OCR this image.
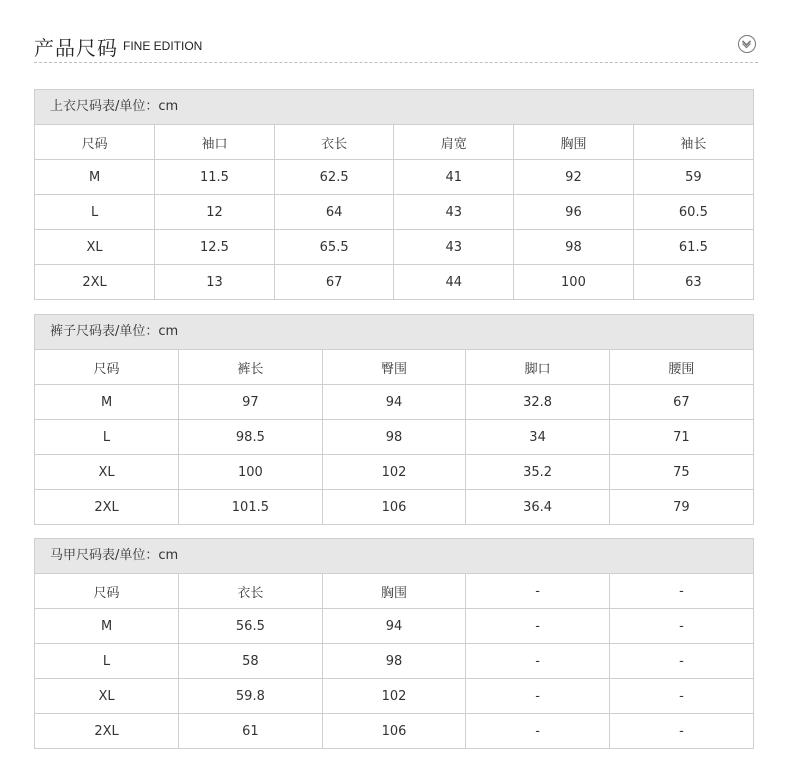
产品尺码 FINE EDITION
上衣尺码表/单位：cm
尺码	袖口	衣长	肩宽	胸围	袖长
M	11.5	62.5	41	92	59
L	12	64	43	96	60.5
XL	12.5	65.5	43	98	61.5
2XL	13	67	44	100	63
裤子尺码表/单位：cm
尺码	裤长	臀围	脚口	腰围
M	97	94	32.8	67
L	98.5	98	34	71
XL	100	102	35.2	75
2XL	101.5	106	36.4	79
马甲尺码表/单位：cm
尺码	衣长	胸围	-	-
M	56.5	94	-	-
L	58	98	-	-
XL	59.8	102	-	-
2XL	61	106	-	-
